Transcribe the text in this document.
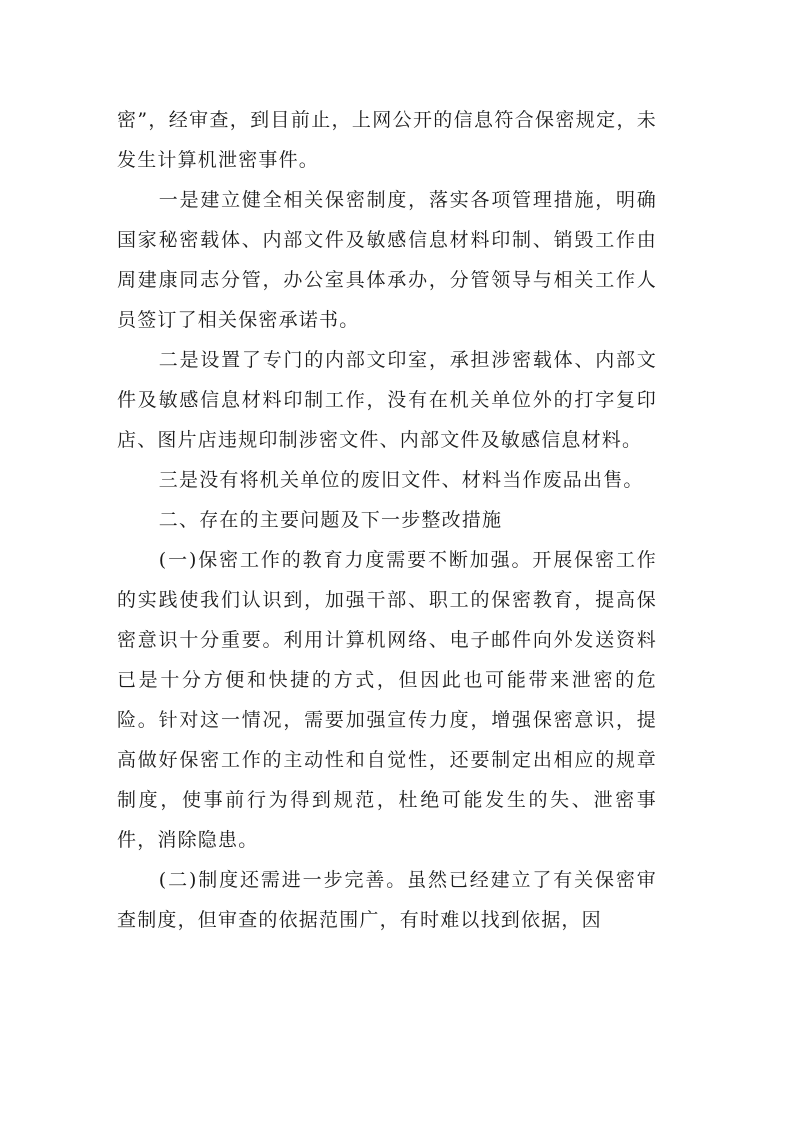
密”，经审查，到目前止，上网公开的信息符合保密规定，未发生计算机泄密事件。

一是建立健全相关保密制度，落实各项管理措施，明确国家秘密载体、内部文件及敏感信息材料印制、销毁工作由周建康同志分管，办公室具体承办，分管领导与相关工作人员签订了相关保密承诺书。

二是设置了专门的内部文印室，承担涉密载体、内部文件及敏感信息材料印制工作，没有在机关单位外的打字复印店、图片店违规印制涉密文件、内部文件及敏感信息材料。

三是没有将机关单位的废旧文件、材料当作废品出售。

二、存在的主要问题及下一步整改措施

(一)保密工作的教育力度需要不断加强。开展保密工作的实践使我们认识到，加强干部、职工的保密教育，提高保密意识十分重要。利用计算机网络、电子邮件向外发送资料已是十分方便和快捷的方式，但因此也可能带来泄密的危险。针对这一情况，需要加强宣传力度，增强保密意识，提高做好保密工作的主动性和自觉性，还要制定出相应的规章制度，使事前行为得到规范，杜绝可能发生的失、泄密事件，消除隐患。

(二)制度还需进一步完善。虽然已经建立了有关保密审查制度，但审查的依据范围广，有时难以找到依据，因
